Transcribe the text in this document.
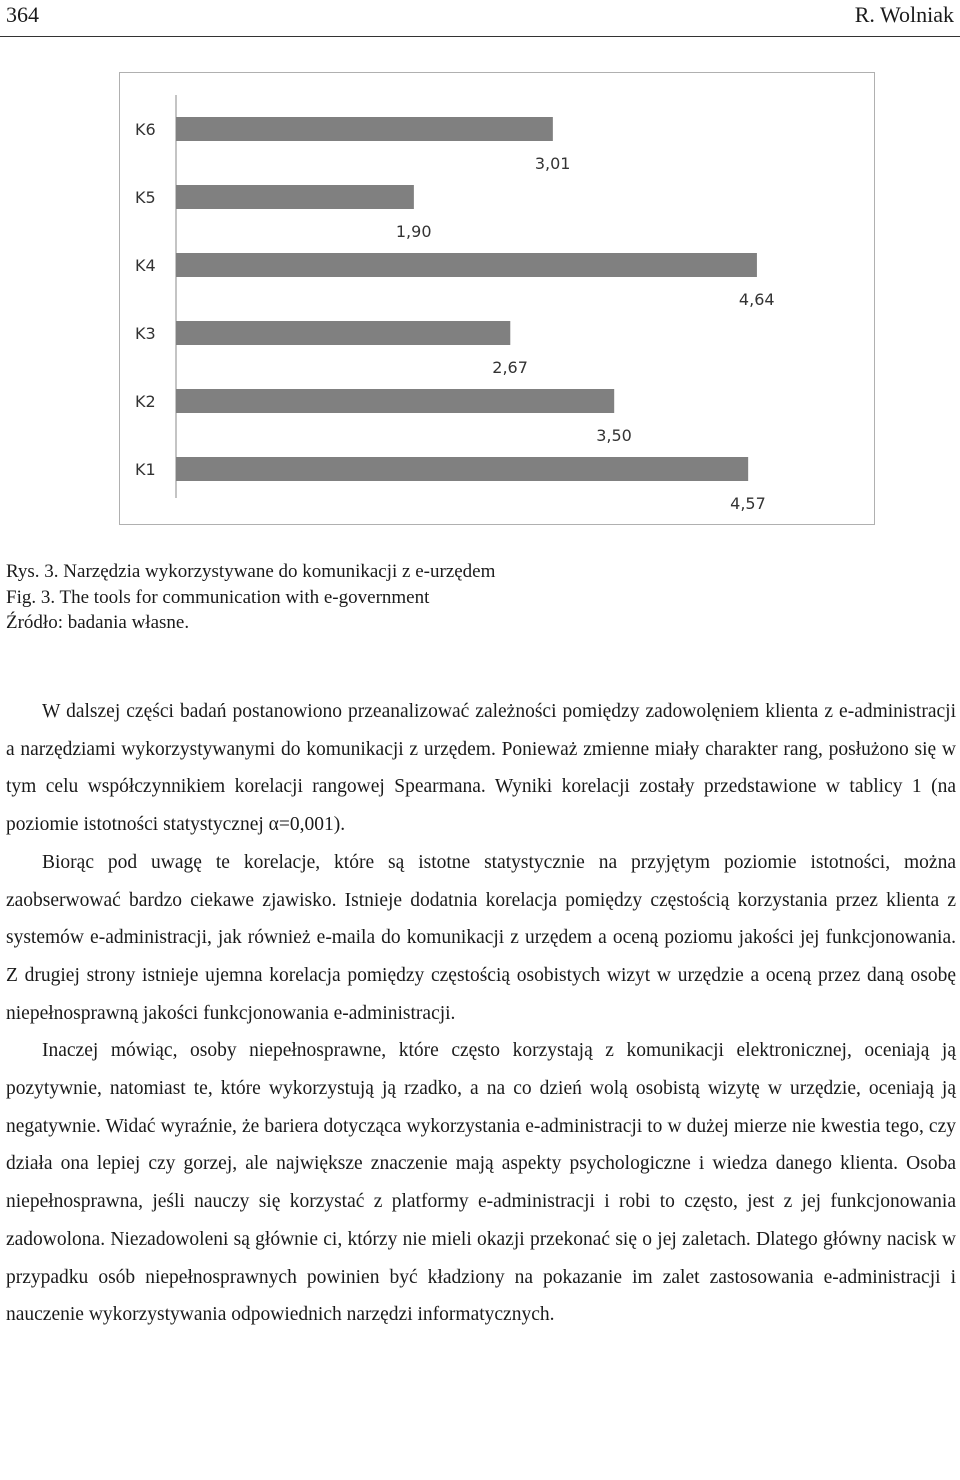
364	R. Wolniak
K6
3,01
K5
1,90
K4
4,64
K3
2,67
K2
3,50
K1
4,57
Rys. 3. Narzędzia wykorzystywane do komunikacji z e-urzędem
Fig. 3. The tools for communication with e-government
Źródło: badania własne.

W dalszej części badań postanowiono przeanalizować zależności pomiędzy zadowolęniem klienta z e-administracji a narzędziami wykorzystywanymi do komunikacji z urzędem. Ponieważ zmienne miały charakter rang, posłużono się w tym celu współczynnikiem korelacji rangowej Spearmana. Wyniki korelacji zostały przedstawione w tablicy 1 (na poziomie istotności statystycznej α=0,001).

Biorąc pod uwagę te korelacje, które są istotne statystycznie na przyjętym poziomie istotności, można zaobserwować bardzo ciekawe zjawisko. Istnieje dodatnia korelacja pomiędzy częstością korzystania przez klienta z systemów e-administracji, jak również e-maila do komunikacji z urzędem a oceną poziomu jakości jej funkcjonowania. Z drugiej strony istnieje ujemna korelacja pomiędzy częstością osobistych wizyt w urzędzie a oceną przez daną osobę niepełnosprawną jakości funkcjonowania e-administracji.

Inaczej mówiąc, osoby niepełnosprawne, które często korzystają z komunikacji elektronicznej, oceniają ją pozytywnie, natomiast te, które wykorzystują ją rzadko, a na co dzień wolą osobistą wizytę w urzędzie, oceniają ją negatywnie. Widać wyraźnie, że bariera dotycząca wykorzystania e-administracji to w dużej mierze nie kwestia tego, czy działa ona lepiej czy gorzej, ale największe znaczenie mają aspekty psychologiczne i wiedza danego klienta. Osoba niepełnosprawna, jeśli nauczy się korzystać z platformy e-administracji i robi to często, jest z jej funkcjonowania zadowolona. Niezadowoleni są głównie ci, którzy nie mieli okazji przekonać się o jej zaletach. Dlatego główny nacisk w przypadku osób niepełnosprawnych powinien być kładziony na pokazanie im zalet zastosowania e-administracji i nauczenie wykorzystywania odpowiednich narzędzi informatycznych.
